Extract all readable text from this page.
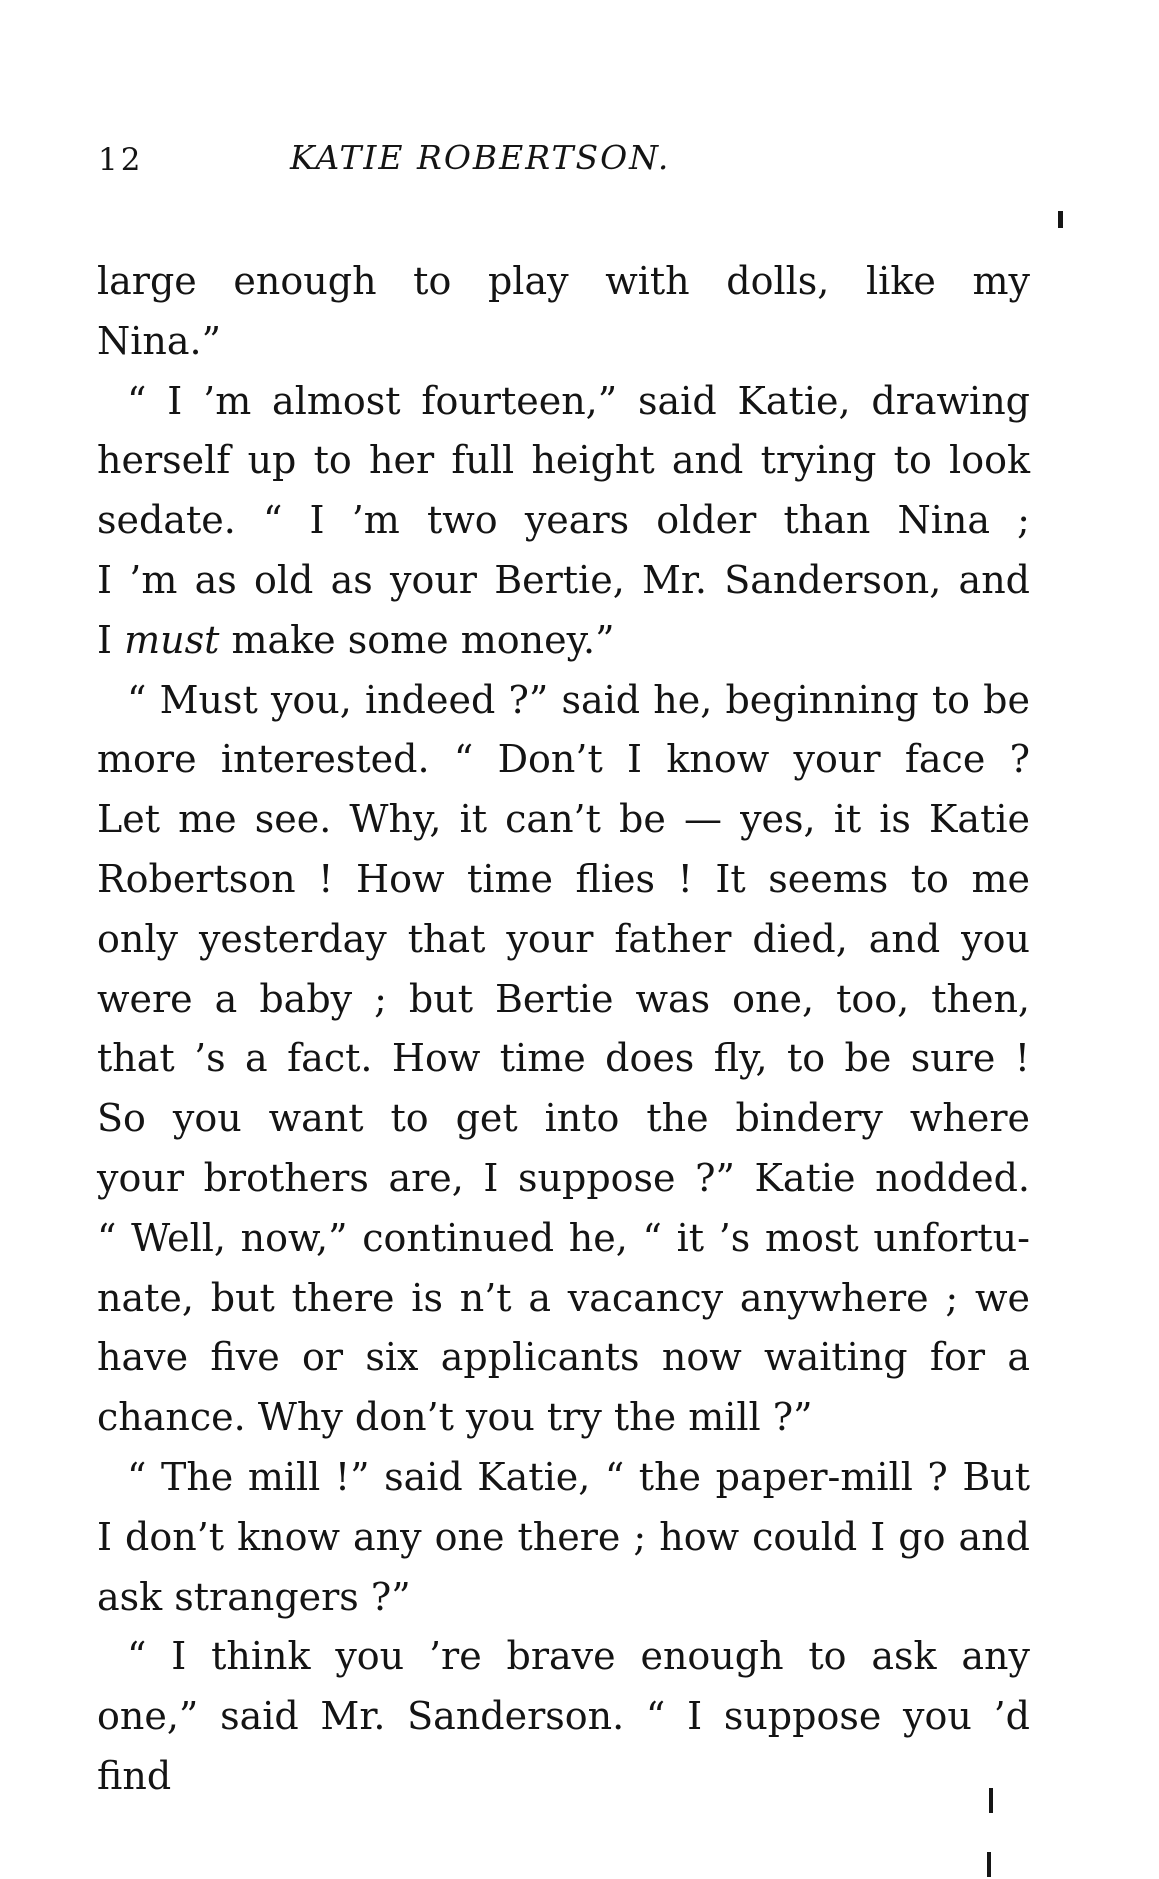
12	KATIE ROBERTSON.
large enough to play with dolls, like my
Nina.”
“ I ’m almost fourteen,” said Katie, drawing
herself up to her full height and trying to look
sedate. “ I ’m two years older than Nina ;
I ’m as old as your Bertie, Mr. Sanderson, and
I must make some money.”
“ Must you, indeed ?” said he, beginning to be
more interested. “ Don’t I know your face ?
Let me see. Why, it can’t be — yes, it is Katie
Robertson ! How time flies ! It seems to me
only yesterday that your father died, and you
were a baby ; but Bertie was one, too, then,
that ’s a fact. How time does fly, to be sure !
So you want to get into the bindery where
your brothers are, I suppose ?” Katie nodded.
“ Well, now,” continued he, “ it ’s most unfortu-
nate, but there is n’t a vacancy anywhere ; we
have five or six applicants now waiting for a
chance. Why don’t you try the mill ?”
“ The mill !” said Katie, “ the paper-mill ? But
I don’t know any one there ; how could I go and
ask strangers ?”
“ I think you ’re brave enough to ask any
one,” said Mr. Sanderson. “ I suppose you ’d find
